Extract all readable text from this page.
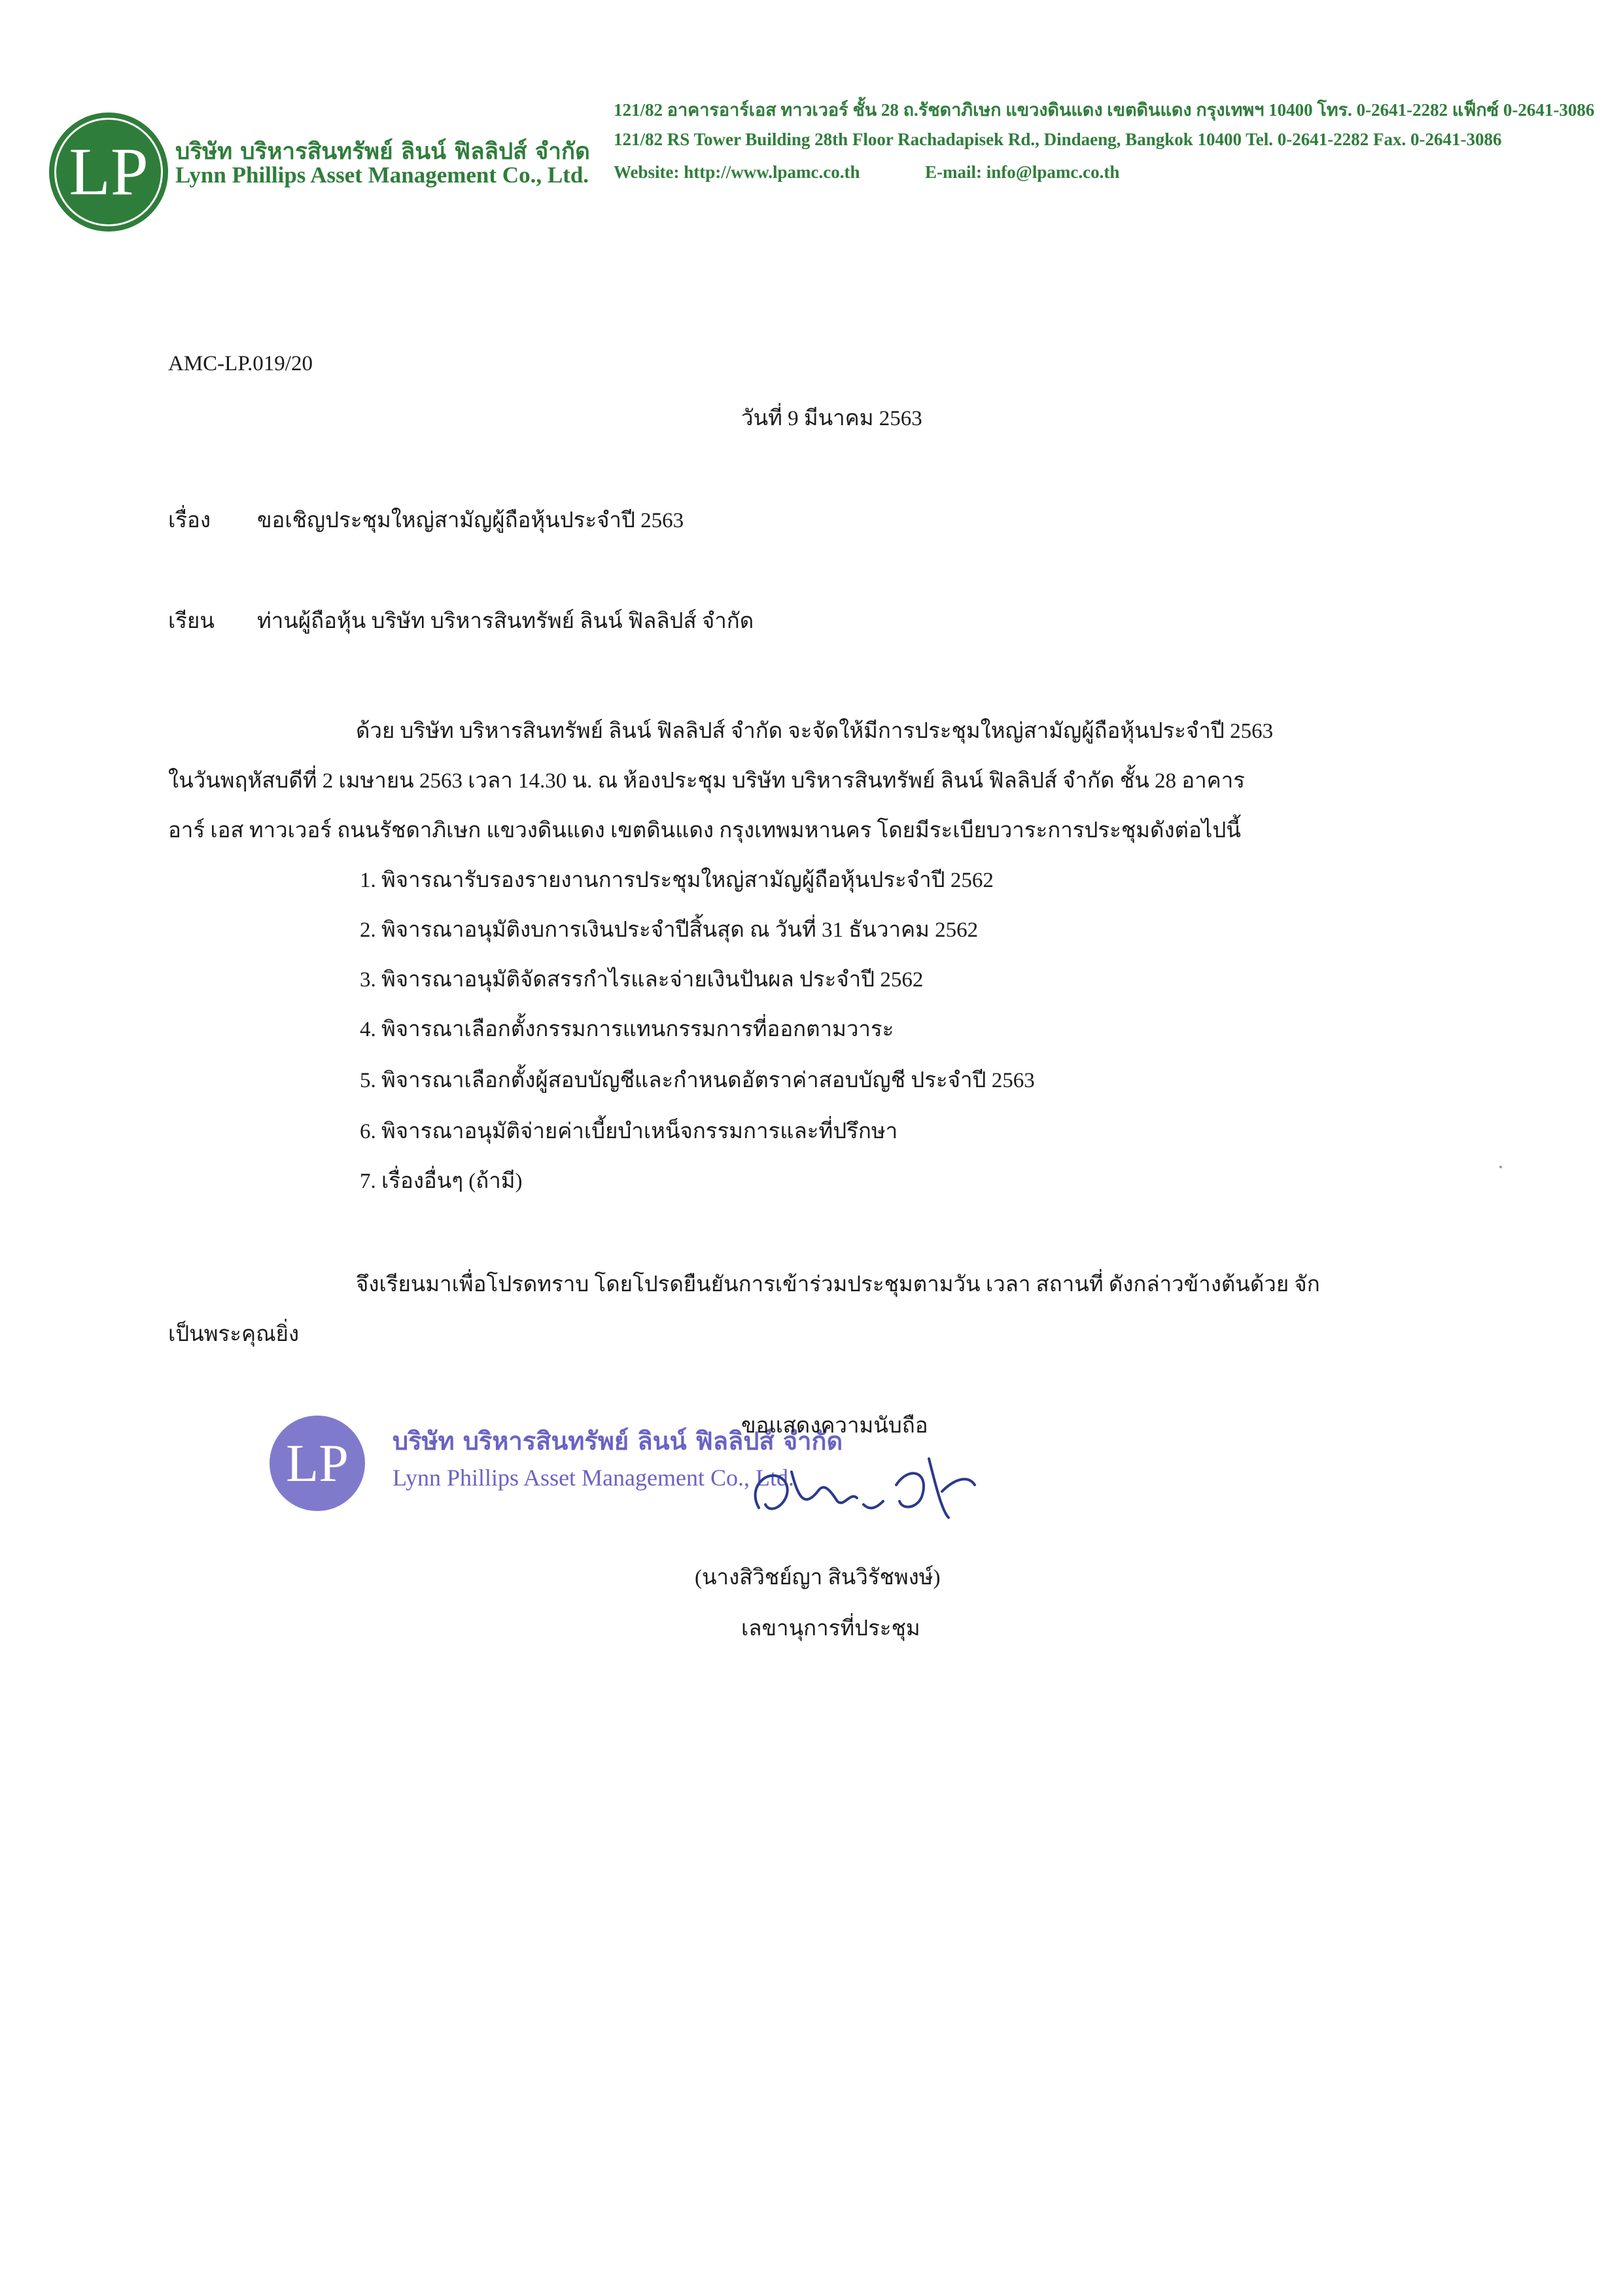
LP	บริษัท บริหารสินทรัพย์ ลินน์ ฟิลลิปส์ จำกัด
Lynn Phillips Asset Management Co., Ltd.
121/82 อาคารอาร์เอส ทาวเวอร์ ชั้น 28 ถ.รัชดาภิเษก แขวงดินแดง เขตดินแดง กรุงเทพฯ 10400 โทร. 0-2641-2282 แฟ็กซ์ 0-2641-3086
121/82 RS Tower Building 28th Floor Rachadapisek Rd., Dindaeng, Bangkok 10400 Tel. 0-2641-2282 Fax. 0-2641-3086
Website: http://www.lpamc.co.th	E-mail: info@lpamc.co.th
AMC-LP.019/20
วันที่ 9 มีนาคม 2563
เรื่อง ขอเชิญประชุมใหญ่สามัญผู้ถือหุ้นประจำปี 2563
เรียน ท่านผู้ถือหุ้น บริษัท บริหารสินทรัพย์ ลินน์ ฟิลลิปส์ จำกัด
ด้วย บริษัท บริหารสินทรัพย์ ลินน์ ฟิลลิปส์ จำกัด จะจัดให้มีการประชุมใหญ่สามัญผู้ถือหุ้นประจำปี 2563
ในวันพฤหัสบดีที่ 2 เมษายน 2563 เวลา 14.30 น. ณ ห้องประชุม บริษัท บริหารสินทรัพย์ ลินน์ ฟิลลิปส์ จำกัด ชั้น 28 อาคาร
อาร์ เอส ทาวเวอร์ ถนนรัชดาภิเษก แขวงดินแดง เขตดินแดง กรุงเทพมหานคร โดยมีระเบียบวาระการประชุมดังต่อไปนี้
1. พิจารณารับรองรายงานการประชุมใหญ่สามัญผู้ถือหุ้นประจำปี 2562
2. พิจารณาอนุมัติงบการเงินประจำปีสิ้นสุด ณ วันที่ 31 ธันวาคม 2562
3. พิจารณาอนุมัติจัดสรรกำไรและจ่ายเงินปันผล ประจำปี 2562
4. พิจารณาเลือกตั้งกรรมการแทนกรรมการที่ออกตามวาระ
5. พิจารณาเลือกตั้งผู้สอบบัญชีและกำหนดอัตราค่าสอบบัญชี ประจำปี 2563
6. พิจารณาอนุมัติจ่ายค่าเบี้ยบำเหน็จกรรมการและที่ปรึกษา
7. เรื่องอื่นๆ (ถ้ามี)
จึงเรียนมาเพื่อโปรดทราบ โดยโปรดยืนยันการเข้าร่วมประชุมตามวัน เวลา สถานที่ ดังกล่าวข้างต้นด้วย จัก
เป็นพระคุณยิ่ง
LP	บริษัท บริหารสินทรัพย์ ลินน์ ฟิลลิปส์ จำกัด
Lynn Phillips Asset Management Co., Ltd.
ขอแสดงความนับถือ
(นางสิวิชย์ญา สินวิรัชพงษ์)
เลขานุการที่ประชุม
